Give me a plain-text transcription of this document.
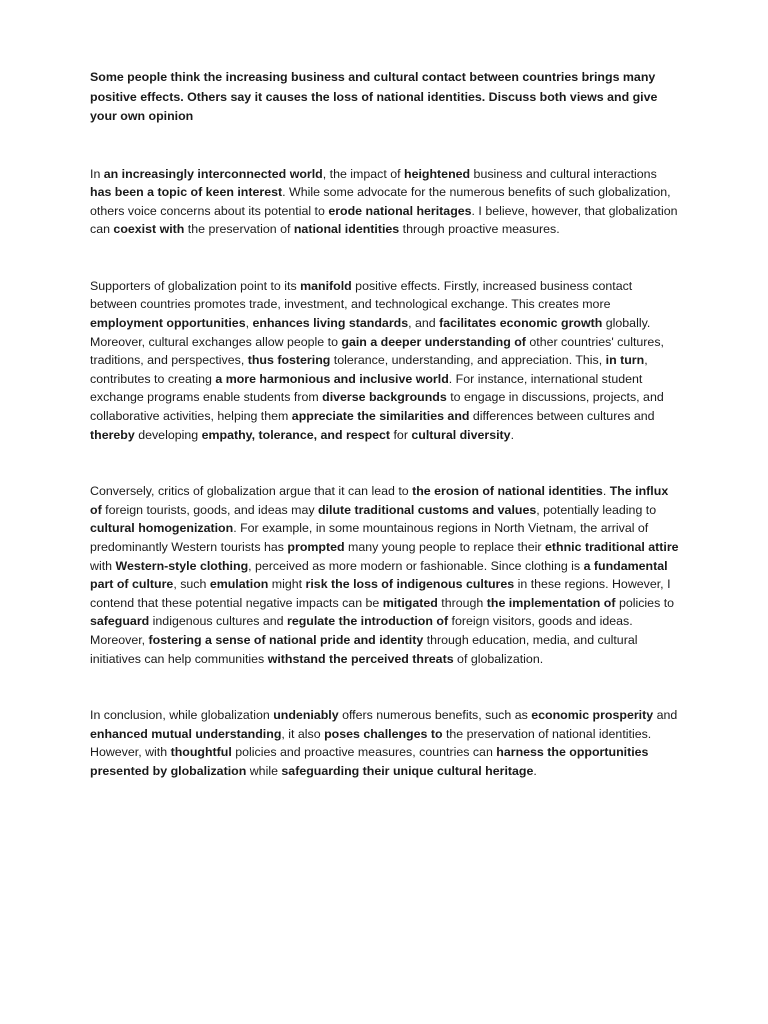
Some people think the increasing business and cultural contact between countries brings many positive effects. Others say it causes the loss of national identities. Discuss both views and give your own opinion

In an increasingly interconnected world, the impact of heightened business and cultural interactions has been a topic of keen interest. While some advocate for the numerous benefits of such globalization, others voice concerns about its potential to erode national heritages. I believe, however, that globalization can coexist with the preservation of national identities through proactive measures.

Supporters of globalization point to its manifold positive effects. Firstly, increased business contact between countries promotes trade, investment, and technological exchange. This creates more employment opportunities, enhances living standards, and facilitates economic growth globally. Moreover, cultural exchanges allow people to gain a deeper understanding of other countries' cultures, traditions, and perspectives, thus fostering tolerance, understanding, and appreciation. This, in turn, contributes to creating a more harmonious and inclusive world. For instance, international student exchange programs enable students from diverse backgrounds to engage in discussions, projects, and collaborative activities, helping them appreciate the similarities and differences between cultures and thereby developing empathy, tolerance, and respect for cultural diversity.

Conversely, critics of globalization argue that it can lead to the erosion of national identities. The influx of foreign tourists, goods, and ideas may dilute traditional customs and values, potentially leading to cultural homogenization. For example, in some mountainous regions in North Vietnam, the arrival of predominantly Western tourists has prompted many young people to replace their ethnic traditional attire with Western-style clothing, perceived as more modern or fashionable. Since clothing is a fundamental part of culture, such emulation might risk the loss of indigenous cultures in these regions. However, I contend that these potential negative impacts can be mitigated through the implementation of policies to safeguard indigenous cultures and regulate the introduction of foreign visitors, goods and ideas. Moreover, fostering a sense of national pride and identity through education, media, and cultural initiatives can help communities withstand the perceived threats of globalization.

In conclusion, while globalization undeniably offers numerous benefits, such as economic prosperity and enhanced mutual understanding, it also poses challenges to the preservation of national identities. However, with thoughtful policies and proactive measures, countries can harness the opportunities presented by globalization while safeguarding their unique cultural heritage.
